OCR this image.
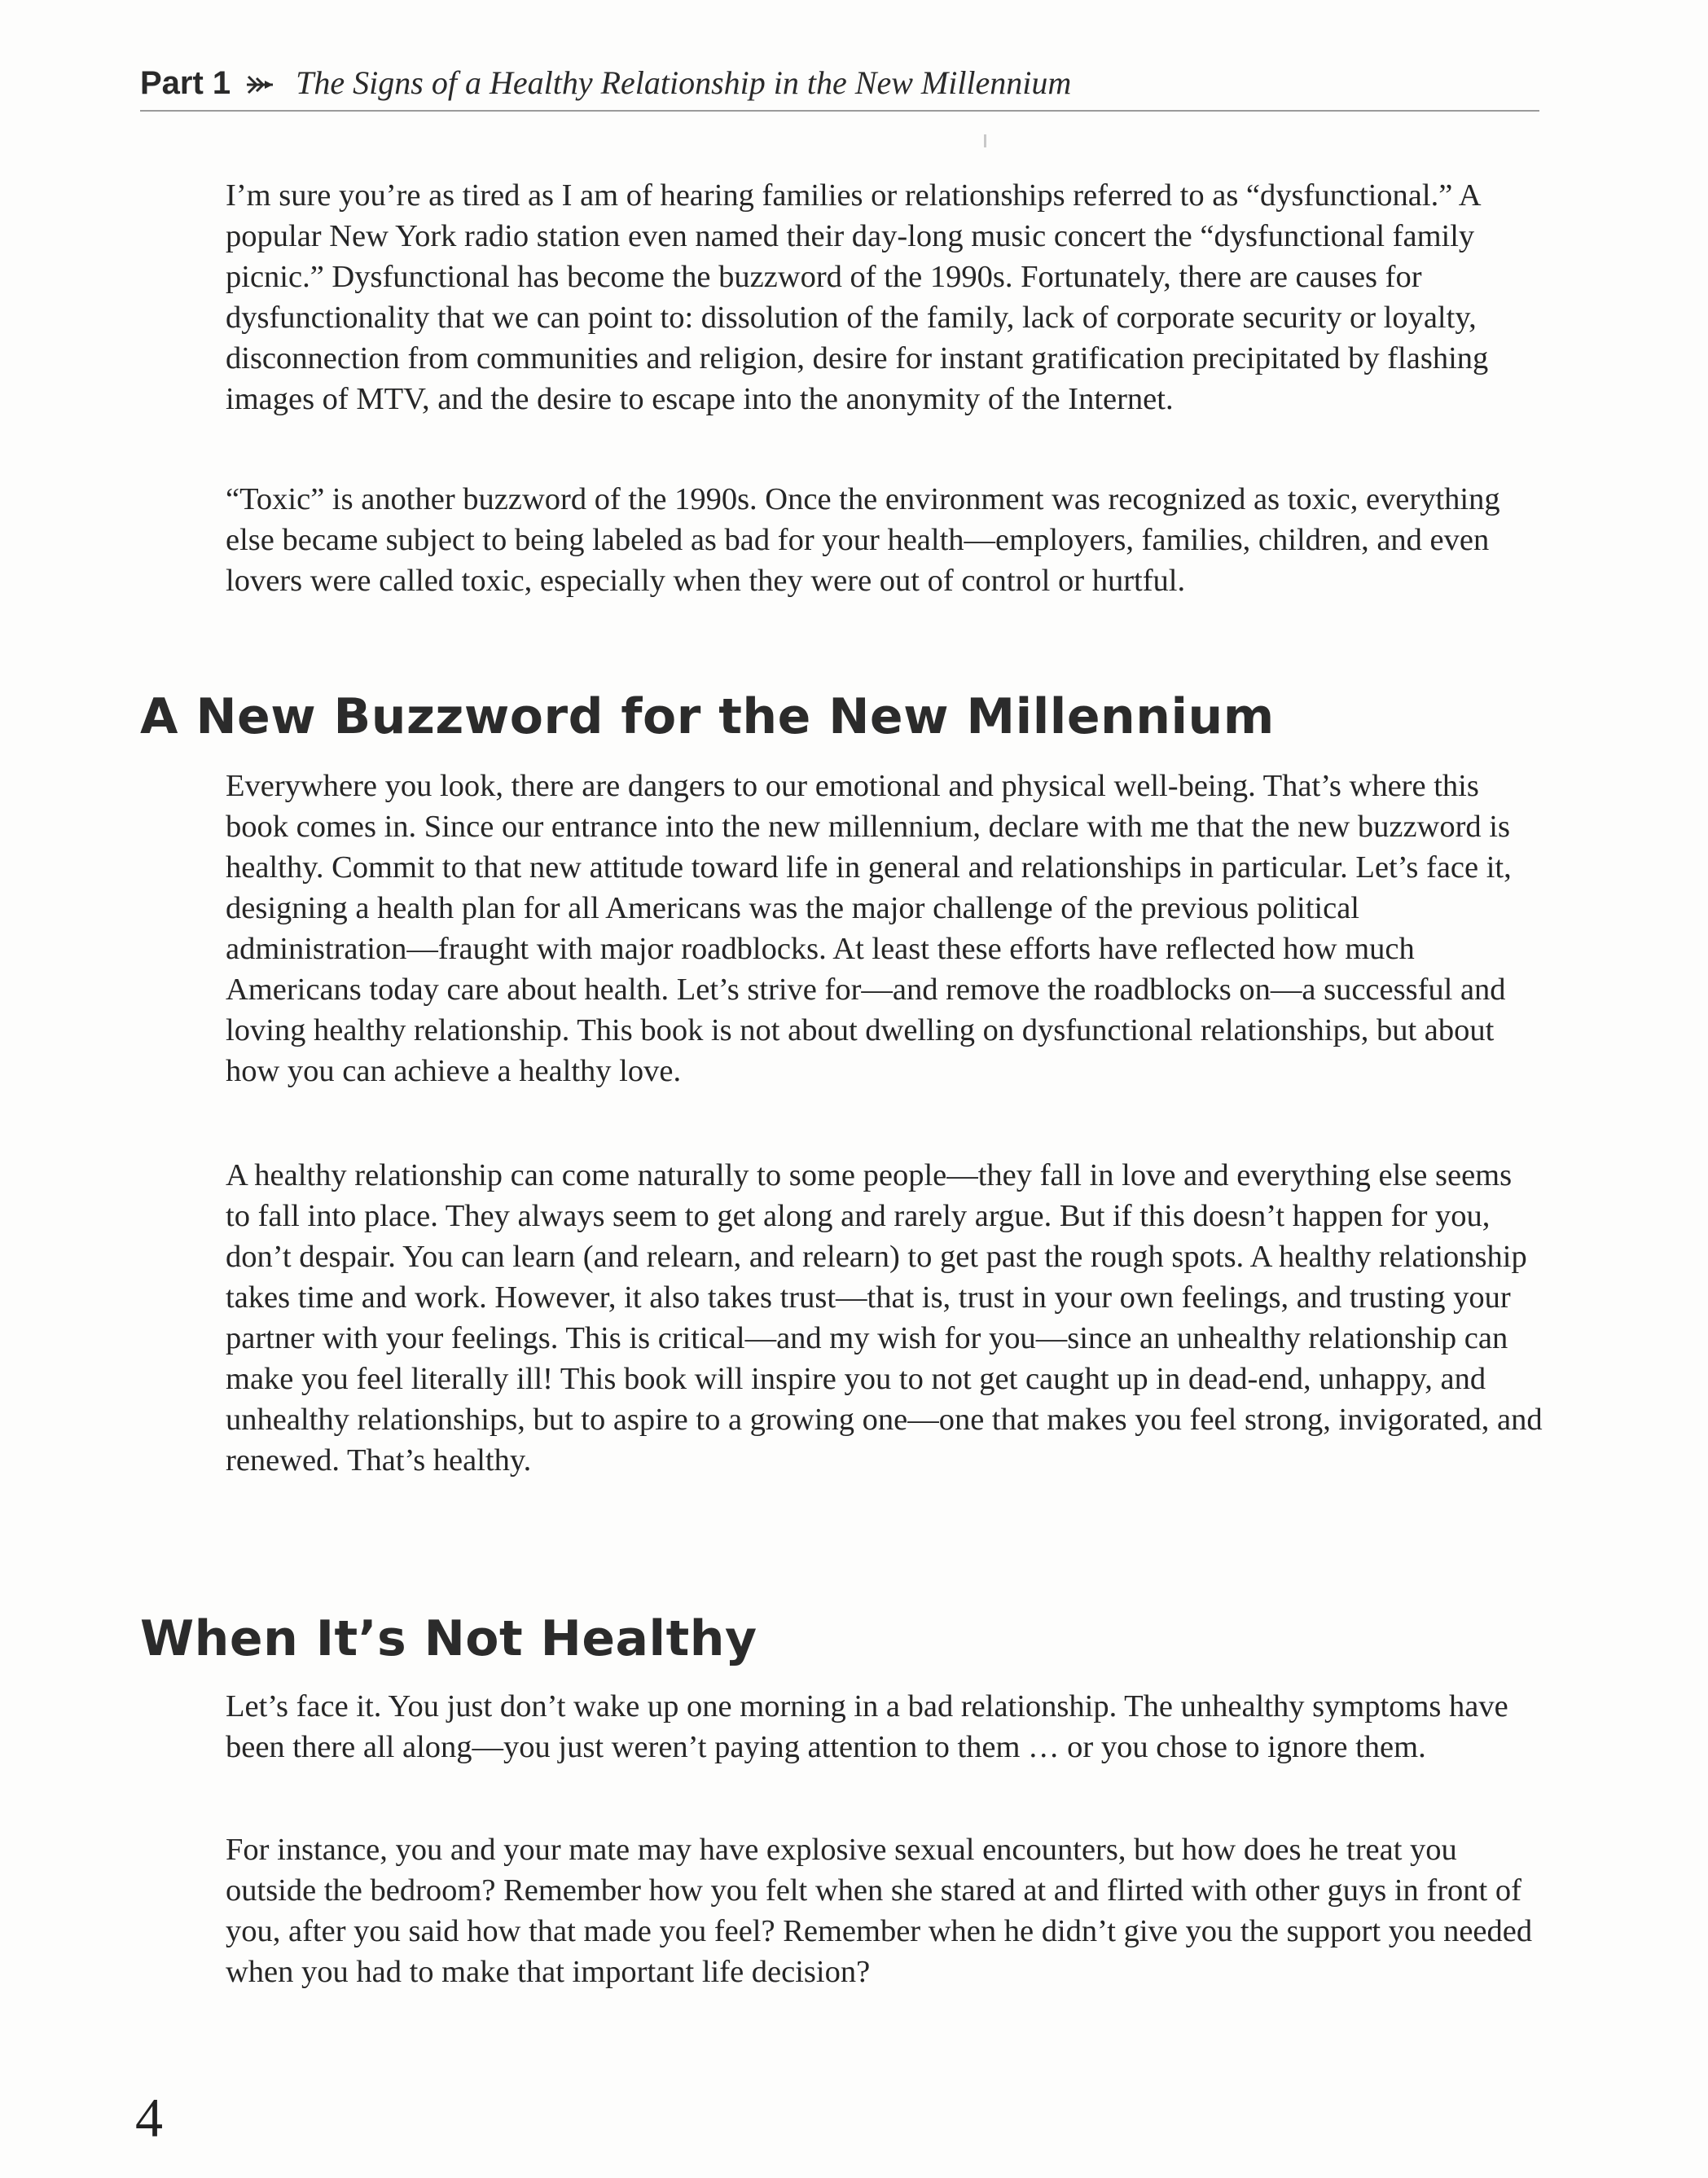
Part 1 The Signs of a Healthy Relationship in the New Millennium

I’m sure you’re as tired as I am of hearing families or relationships referred to as “dysfunctional.” A popular New York radio station even named their day-long music concert the “dysfunctional family picnic.” Dysfunctional has become the buzzword of the 1990s. Fortunately, there are causes for dysfunctionality that we can point to: dissolution of the family, lack of corporate security or loyalty, disconnection from communities and religion, desire for instant gratification precipitated by flashing images of MTV, and the desire to escape into the anonymity of the Internet.

“Toxic” is another buzzword of the 1990s. Once the environment was recognized as toxic, everything else became subject to being labeled as bad for your health—employers, families, children, and even lovers were called toxic, especially when they were out of control or hurtful.

A New Buzzword for the New Millennium

Everywhere you look, there are dangers to our emotional and physical well-being. That’s where this book comes in. Since our entrance into the new millennium, declare with me that the new buzzword is healthy. Commit to that new attitude toward life in general and relationships in particular. Let’s face it, designing a health plan for all Americans was the major challenge of the previous political administration—fraught with major roadblocks. At least these efforts have reflected how much Americans today care about health. Let’s strive for—and remove the roadblocks on—a successful and loving healthy relationship. This book is not about dwelling on dysfunctional relationships, but about how you can achieve a healthy love.

A healthy relationship can come naturally to some people—they fall in love and everything else seems to fall into place. They always seem to get along and rarely argue. But if this doesn’t happen for you, don’t despair. You can learn (and relearn, and relearn) to get past the rough spots. A healthy relationship takes time and work. However, it also takes trust—that is, trust in your own feelings, and trusting your partner with your feelings. This is critical—and my wish for you—since an unhealthy relationship can make you feel literally ill! This book will inspire you to not get caught up in dead-end, unhappy, and unhealthy relationships, but to aspire to a growing one—one that makes you feel strong, invigorated, and renewed. That’s healthy.

When It’s Not Healthy

Let’s face it. You just don’t wake up one morning in a bad relationship. The unhealthy symptoms have been there all along—you just weren’t paying attention to them … or you chose to ignore them.

For instance, you and your mate may have explosive sexual encounters, but how does he treat you outside the bedroom? Remember how you felt when she stared at and flirted with other guys in front of you, after you said how that made you feel? Remember when he didn’t give you the support you needed when you had to make that important life decision?

4
